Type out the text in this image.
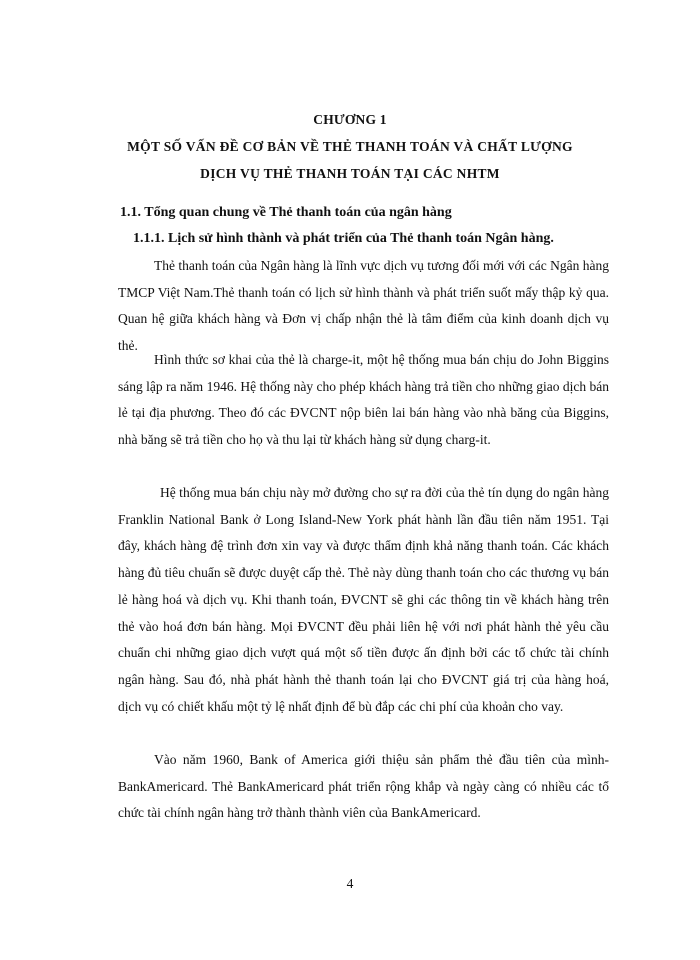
CHƯƠNG 1
MỘT SỐ VẤN ĐỀ CƠ BẢN VỀ THẺ THANH TOÁN VÀ CHẤT LƯỢNG
DỊCH VỤ THẺ THANH TOÁN TẠI CÁC NHTM
1.1. Tổng quan chung về Thẻ thanh toán của ngân hàng
1.1.1. Lịch sử hình thành và phát triển của Thẻ thanh toán Ngân hàng.

Thẻ thanh toán của Ngân hàng là lĩnh vực dịch vụ tương đối mới với các Ngân hàng TMCP Việt Nam.Thẻ thanh toán có lịch sử hình thành và phát triển suốt mấy thập kỷ qua. Quan hệ giữa khách hàng và Đơn vị chấp nhận thẻ là tâm điểm của kinh doanh dịch vụ thẻ.

Hình thức sơ khai của thẻ là charge-it, một hệ thống mua bán chịu do John Biggins sáng lập ra năm 1946. Hệ thống này cho phép khách hàng trả tiền cho những giao dịch bán lẻ tại địa phương. Theo đó các ĐVCNT nộp biên lai bán hàng vào nhà băng của Biggins, nhà băng sẽ trả tiền cho họ và thu lại từ khách hàng sử dụng charg-it.

Hệ thống mua bán chịu này mở đường cho sự ra đời của thẻ tín dụng do ngân hàng Franklin National Bank ở Long Island-New York phát hành lần đầu tiên năm 1951. Tại đây, khách hàng đệ trình đơn xin vay và được thẩm định khả năng thanh toán. Các khách hàng đủ tiêu chuẩn sẽ được duyệt cấp thẻ. Thẻ này dùng thanh toán cho các thương vụ bán lẻ hàng hoá và dịch vụ. Khi thanh toán, ĐVCNT sẽ ghi các thông tin về khách hàng trên thẻ vào hoá đơn bán hàng. Mọi ĐVCNT đều phải liên hệ với nơi phát hành thẻ yêu cầu chuẩn chi những giao dịch vượt quá một số tiền được ấn định bởi các tổ chức tài chính ngân hàng. Sau đó, nhà phát hành thẻ thanh toán lại cho ĐVCNT giá trị của hàng hoá, dịch vụ có chiết khấu một tỷ lệ nhất định để bù đắp các chi phí của khoản cho vay.

Vào năm 1960, Bank of America giới thiệu sản phẩm thẻ đầu tiên của mình-BankAmericard. Thẻ BankAmericard phát triển rộng khắp và ngày càng có nhiều các tổ chức tài chính ngân hàng trở thành thành viên của BankAmericard.

4
